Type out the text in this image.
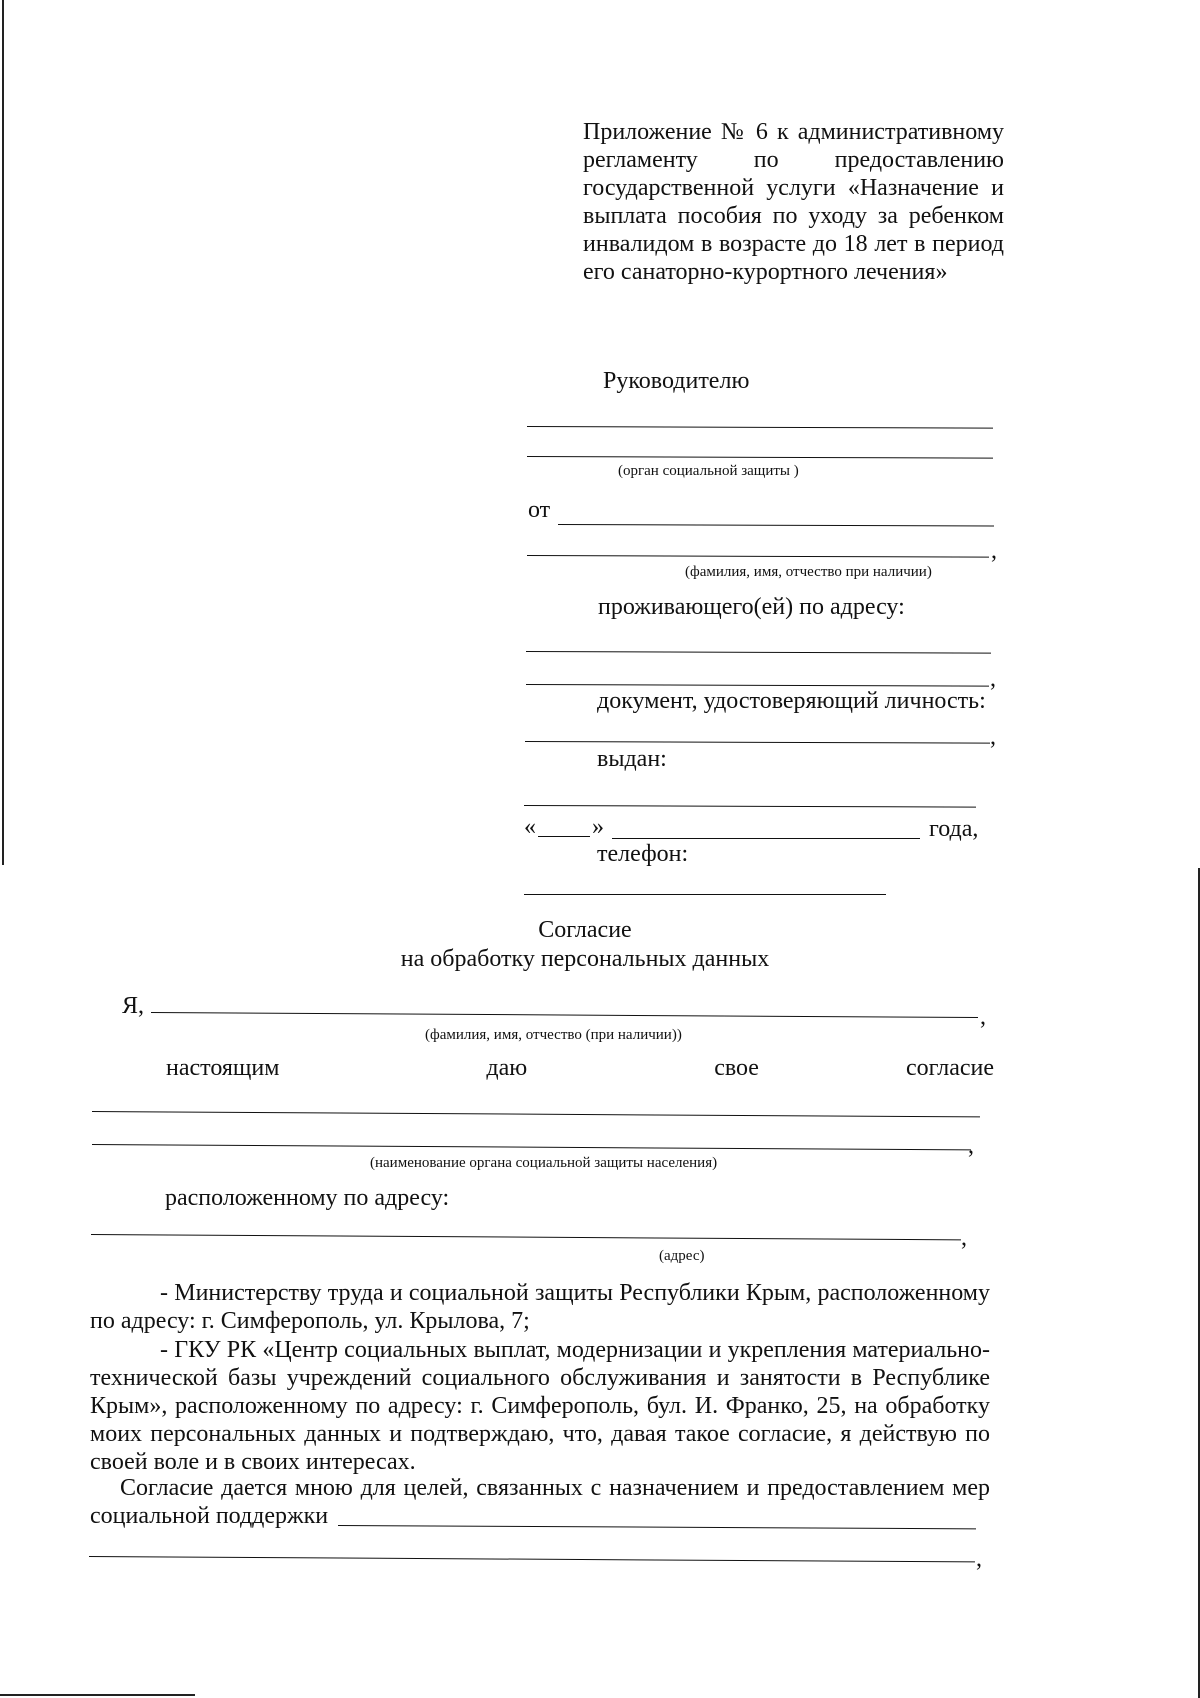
Приложение № 6 к административному регламенту по предоставлению государственной услуги «Назначение и выплата пособия по уходу за ребенком инвалидом в возрасте до 18 лет в период его санаторно-курортного лечения»
Руководителю
(орган социальной защиты )
от
,
(фамилия, имя, отчество при наличии)
проживающего(ей) по адресу:
,
документ, удостоверяющий личность:
,
выдан:
« »	года,
телефон:
Согласие
на обработку персональных данных
Я,	,
(фамилия, имя, отчество (при наличии))
настоящим	даю	свое	согласие
,
(наименование органа социальной защиты населения)
расположенному по адресу:
,
(адрес)
- Министерству труда и социальной защиты Республики Крым, расположенному по адресу: г. Симферополь, ул. Крылова, 7;
- ГКУ РК «Центр социальных выплат, модернизации и укрепления материально-технической базы учреждений социального обслуживания и занятости в Республике Крым», расположенному по адресу: г. Симферополь, бул. И. Франко, 25, на обработку моих персональных данных и подтверждаю, что, давая такое согласие, я действую по своей воле и в своих интересах.
Согласие дается мною для целей, связанных с назначением и предоставлением мер социальной поддержки
,
